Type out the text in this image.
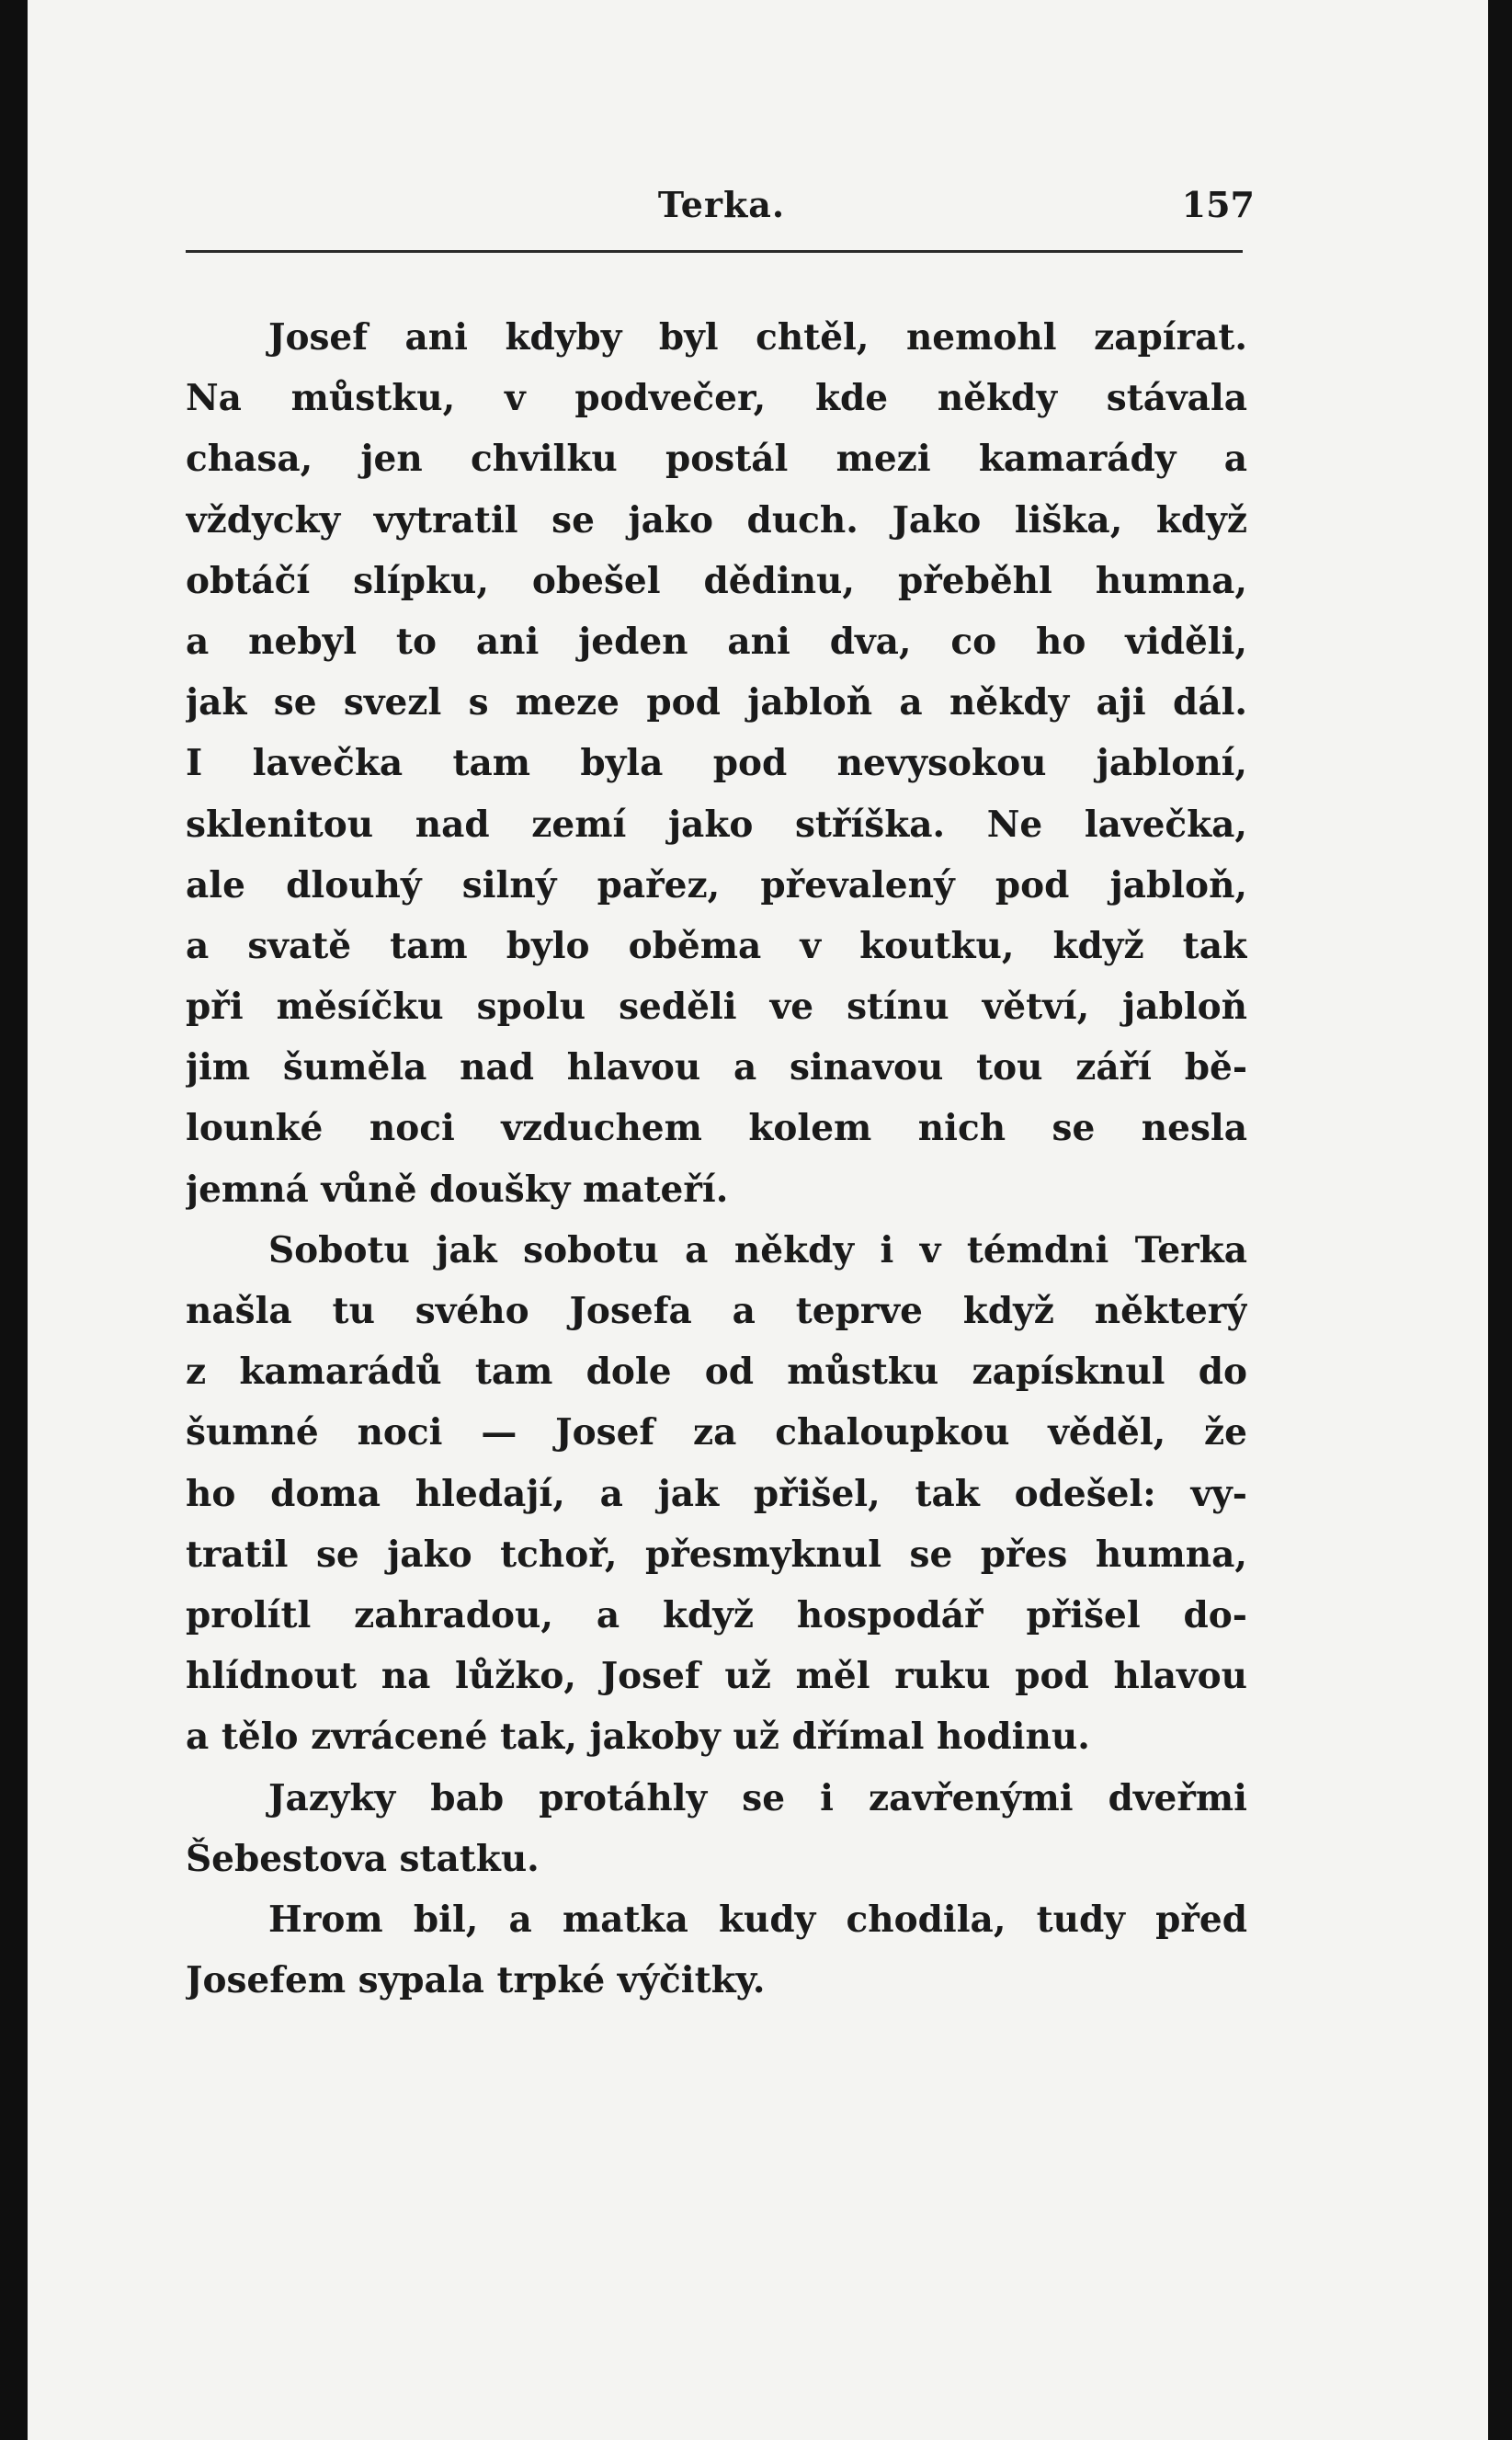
Terka.	157
Josef ani kdyby byl chtěl, nemohl zapírat.
Na můstku, v podvečer, kde někdy stávala
chasa, jen chvilku postál mezi kamarády a
vždycky vytratil se jako duch. Jako liška, když
obtáčí slípku, obešel dědinu, přeběhl humna,
a nebyl to ani jeden ani dva, co ho viděli,
jak se svezl s meze pod jabloň a někdy aji dál.
I lavečka tam byla pod nevysokou jabloní,
sklenitou nad zemí jako stříška. Ne lavečka,
ale dlouhý silný pařez, převalený pod jabloň,
a svatě tam bylo oběma v koutku, když tak
při měsíčku spolu seděli ve stínu větví, jabloň
jim šuměla nad hlavou a sinavou tou září bě-
lounké noci vzduchem kolem nich se nesla
jemná vůně doušky mateří.
Sobotu jak sobotu a někdy i v témdni Terka
našla tu svého Josefa a teprve když některý
z kamarádů tam dole od můstku zapísknul do
šumné noci — Josef za chaloupkou věděl, že
ho doma hledají, a jak přišel, tak odešel: vy-
tratil se jako tchoř, přesmyknul se přes humna,
prolítl zahradou, a když hospodář přišel do-
hlídnout na lůžko, Josef už měl ruku pod hlavou
a tělo zvrácené tak, jakoby už dřímal hodinu.
Jazyky bab protáhly se i zavřenými dveřmi
Šebestova statku.
Hrom bil, a matka kudy chodila, tudy před
Josefem sypala trpké výčitky.
